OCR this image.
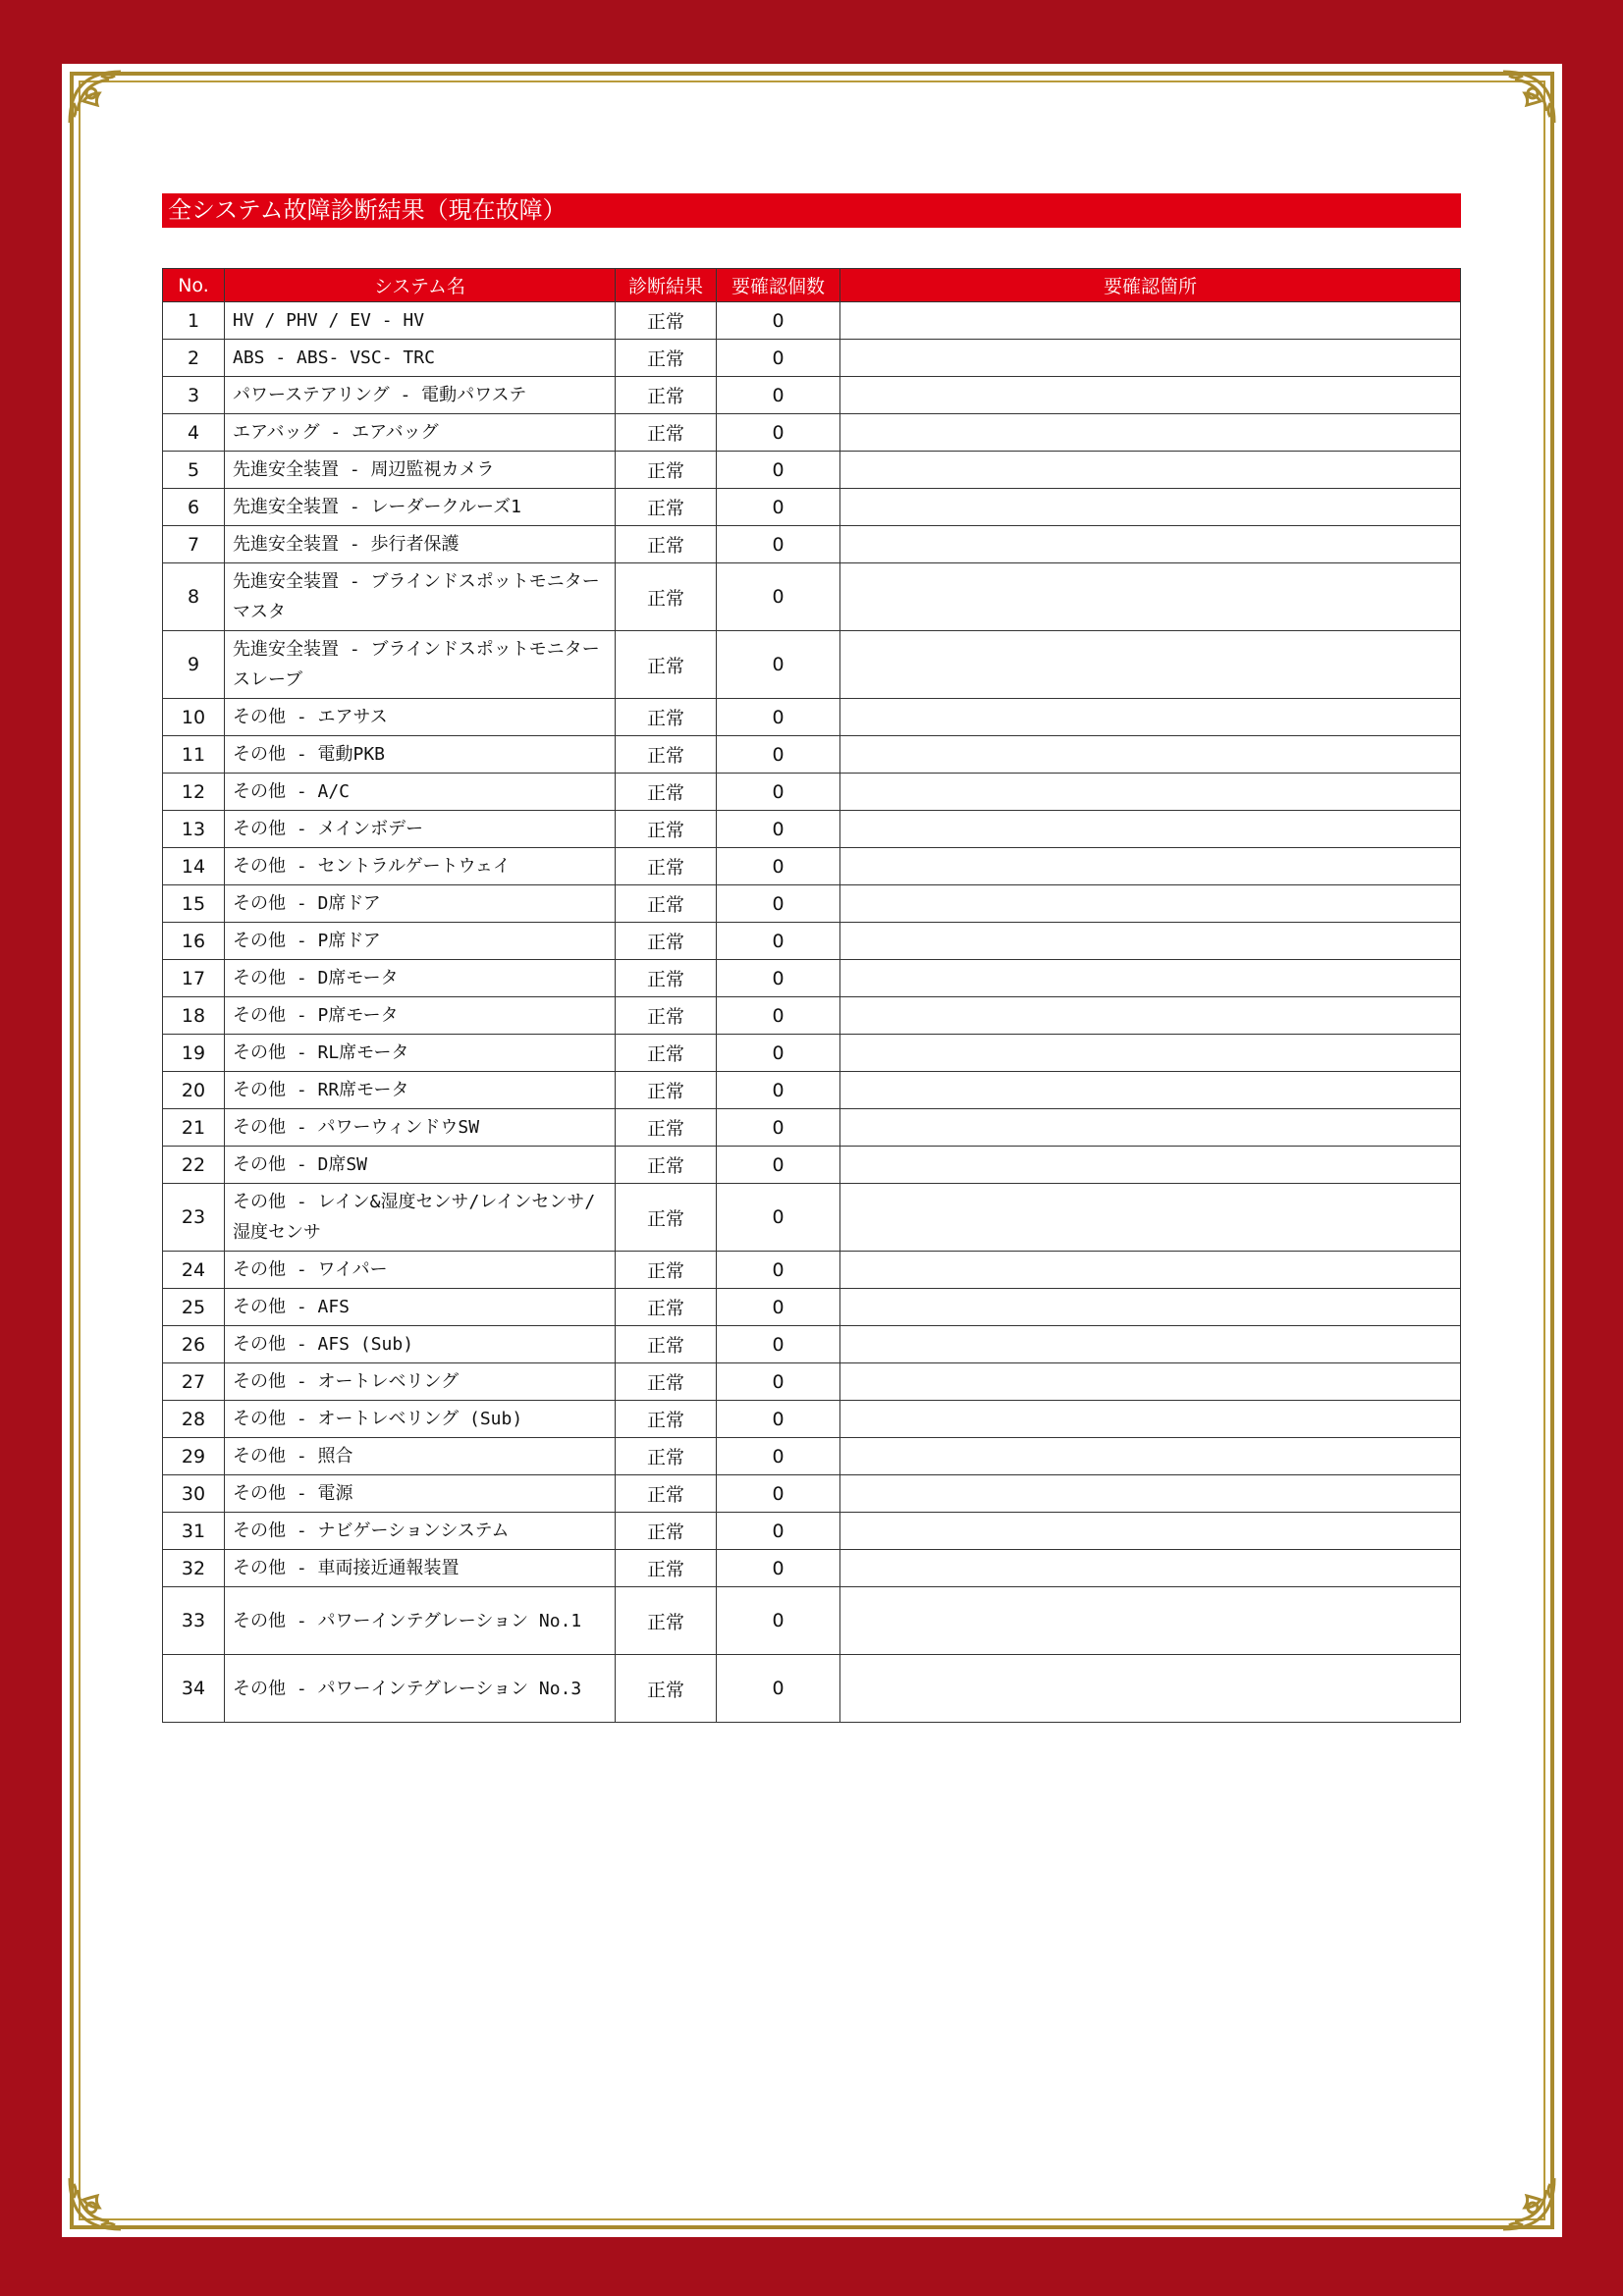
全システム故障診断結果（現在故障）
No.	システム名	診断結果	要確認個数	要確認箇所
1	HV / PHV / EV - HV	正常	0	
2	ABS - ABS- VSC- TRC	正常	0	
3	パワーステアリング - 電動パワステ	正常	0	
4	エアバッグ - エアバッグ	正常	0	
5	先進安全装置 - 周辺監視カメラ	正常	0	
6	先進安全装置 - レーダークルーズ1	正常	0	
7	先進安全装置 - 歩行者保護	正常	0	
8	先進安全装置 - ブラインドスポットモニター マスタ	正常	0	
9	先進安全装置 - ブラインドスポットモニター スレーブ	正常	0	
10	その他 - エアサス	正常	0	
11	その他 - 電動PKB	正常	0	
12	その他 - A/C	正常	0	
13	その他 - メインボデー	正常	0	
14	その他 - セントラルゲートウェイ	正常	0	
15	その他 - D席ドア	正常	0	
16	その他 - P席ドア	正常	0	
17	その他 - D席モータ	正常	0	
18	その他 - P席モータ	正常	0	
19	その他 - RL席モータ	正常	0	
20	その他 - RR席モータ	正常	0	
21	その他 - パワーウィンドウSW	正常	0	
22	その他 - D席SW	正常	0	
23	その他 - レイン&湿度センサ/レインセンサ/湿度センサ	正常	0	
24	その他 - ワイパー	正常	0	
25	その他 - AFS	正常	0	
26	その他 - AFS (Sub)	正常	0	
27	その他 - オートレベリング	正常	0	
28	その他 - オートレベリング (Sub)	正常	0	
29	その他 - 照合	正常	0	
30	その他 - 電源	正常	0	
31	その他 - ナビゲーションシステム	正常	0	
32	その他 - 車両接近通報装置	正常	0	
33	その他 - パワーインテグレーション No.1	正常	0	
34	その他 - パワーインテグレーション No.3	正常	0	
